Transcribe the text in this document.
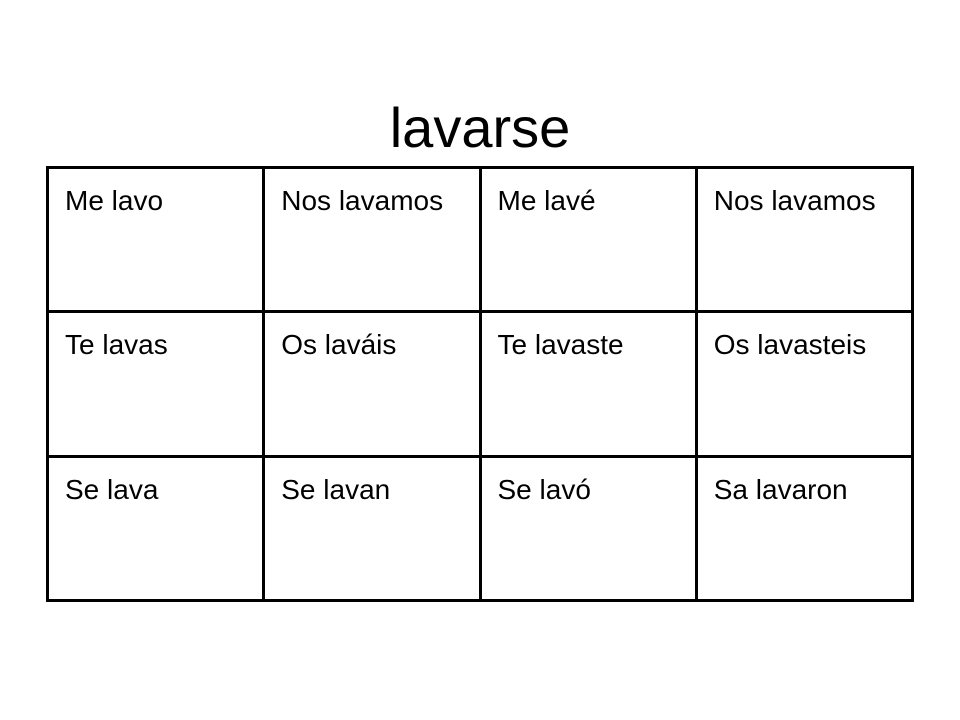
lavarse
Me lavo	Nos lavamos	Me lavé	Nos lavamos
Te lavas	Os laváis	Te lavaste	Os lavasteis
Se lava	Se lavan	Se lavó	Sa lavaron
